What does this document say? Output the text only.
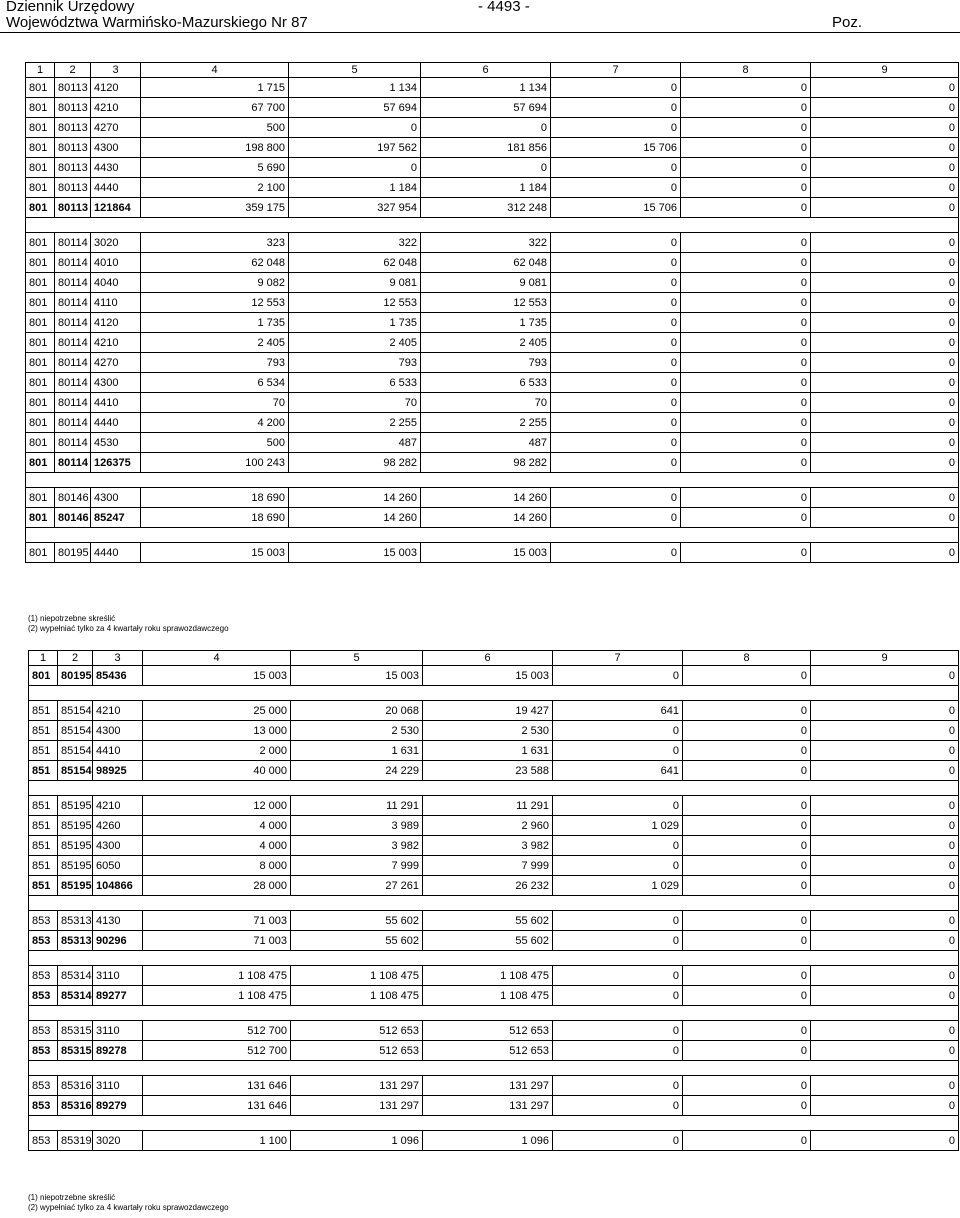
Dziennik Urzędowy
Województwa Warmińsko-Mazurskiego Nr 87
- 4493 -
Poz.
1	2	3	4	5	6	7	8	9
801	80113	4120	1 715	1 134	1 134	0	0	0
801	80113	4210	67 700	57 694	57 694	0	0	0
801	80113	4270	500	0	0	0	0	0
801	80113	4300	198 800	197 562	181 856	15 706	0	0
801	80113	4430	5 690	0	0	0	0	0
801	80113	4440	2 100	1 184	1 184	0	0	0
801	80113	121864	359 175	327 954	312 248	15 706	0	0

801	80114	3020	323	322	322	0	0	0
801	80114	4010	62 048	62 048	62 048	0	0	0
801	80114	4040	9 082	9 081	9 081	0	0	0
801	80114	4110	12 553	12 553	12 553	0	0	0
801	80114	4120	1 735	1 735	1 735	0	0	0
801	80114	4210	2 405	2 405	2 405	0	0	0
801	80114	4270	793	793	793	0	0	0
801	80114	4300	6 534	6 533	6 533	0	0	0
801	80114	4410	70	70	70	0	0	0
801	80114	4440	4 200	2 255	2 255	0	0	0
801	80114	4530	500	487	487	0	0	0
801	80114	126375	100 243	98 282	98 282	0	0	0

801	80146	4300	18 690	14 260	14 260	0	0	0
801	80146	85247	18 690	14 260	14 260	0	0	0

801	80195	4440	15 003	15 003	15 003	0	0	0
(1) niepotrzebne skreślić
(2) wypełniać tylko za 4 kwartały roku sprawozdawczego
1	2	3	4	5	6	7	8	9
801	80195	85436	15 003	15 003	15 003	0	0	0

851	85154	4210	25 000	20 068	19 427	641	0	0
851	85154	4300	13 000	2 530	2 530	0	0	0
851	85154	4410	2 000	1 631	1 631	0	0	0
851	85154	98925	40 000	24 229	23 588	641	0	0

851	85195	4210	12 000	11 291	11 291	0	0	0
851	85195	4260	4 000	3 989	2 960	1 029	0	0
851	85195	4300	4 000	3 982	3 982	0	0	0
851	85195	6050	8 000	7 999	7 999	0	0	0
851	85195	104866	28 000	27 261	26 232	1 029	0	0

853	85313	4130	71 003	55 602	55 602	0	0	0
853	85313	90296	71 003	55 602	55 602	0	0	0

853	85314	3110	1 108 475	1 108 475	1 108 475	0	0	0
853	85314	89277	1 108 475	1 108 475	1 108 475	0	0	0

853	85315	3110	512 700	512 653	512 653	0	0	0
853	85315	89278	512 700	512 653	512 653	0	0	0

853	85316	3110	131 646	131 297	131 297	0	0	0
853	85316	89279	131 646	131 297	131 297	0	0	0

853	85319	3020	1 100	1 096	1 096	0	0	0
(1) niepotrzebne skreślić
(2) wypełniać tylko za 4 kwartały roku sprawozdawczego
